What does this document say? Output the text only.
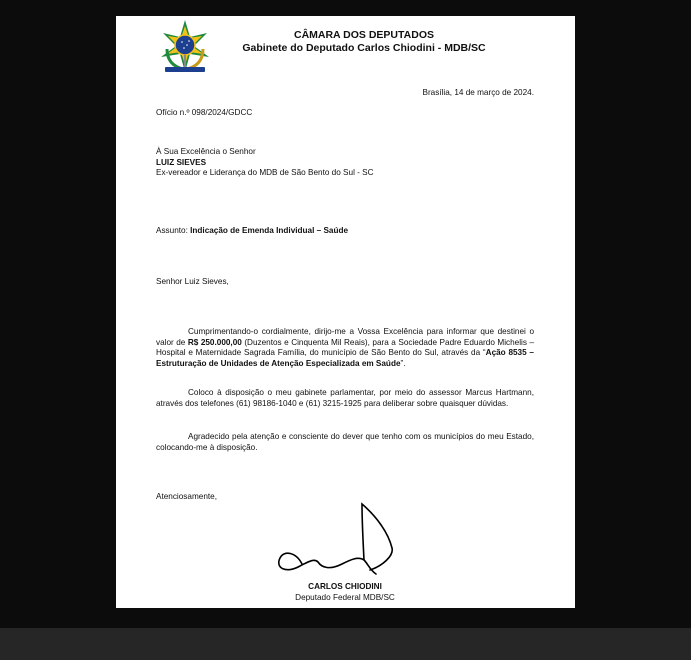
CÂMARA DOS DEPUTADOS
Gabinete do Deputado Carlos Chiodini - MDB/SC
Brasília, 14 de março de 2024.
Ofício n.º 098/2024/GDCC
À Sua Excelência o Senhor
LUIZ SIEVES
Ex-vereador e Liderança do MDB de São Bento do Sul - SC
Assunto: Indicação de Emenda Individual – Saúde
Senhor Luiz Sieves,
Cumprimentando-o cordialmente, dirijo-me a Vossa Excelência para informar que destinei o valor de R$ 250.000,00 (Duzentos e Cinquenta Mil Reais), para a Sociedade Padre Eduardo Michelis – Hospital e Maternidade Sagrada Família, do município de São Bento do Sul, através da “Ação 8535 – Estruturação de Unidades de Atenção Especializada em Saúde”.
Coloco à disposição o meu gabinete parlamentar, por meio do assessor Marcus Hartmann, através dos telefones (61) 98186-1040 e (61) 3215-1925 para deliberar sobre quaisquer dúvidas.
Agradecido pela atenção e consciente do dever que tenho com os municípios do meu Estado, colocando-me à disposição.
Atenciosamente,
CARLOS CHIODINI
Deputado Federal MDB/SC
